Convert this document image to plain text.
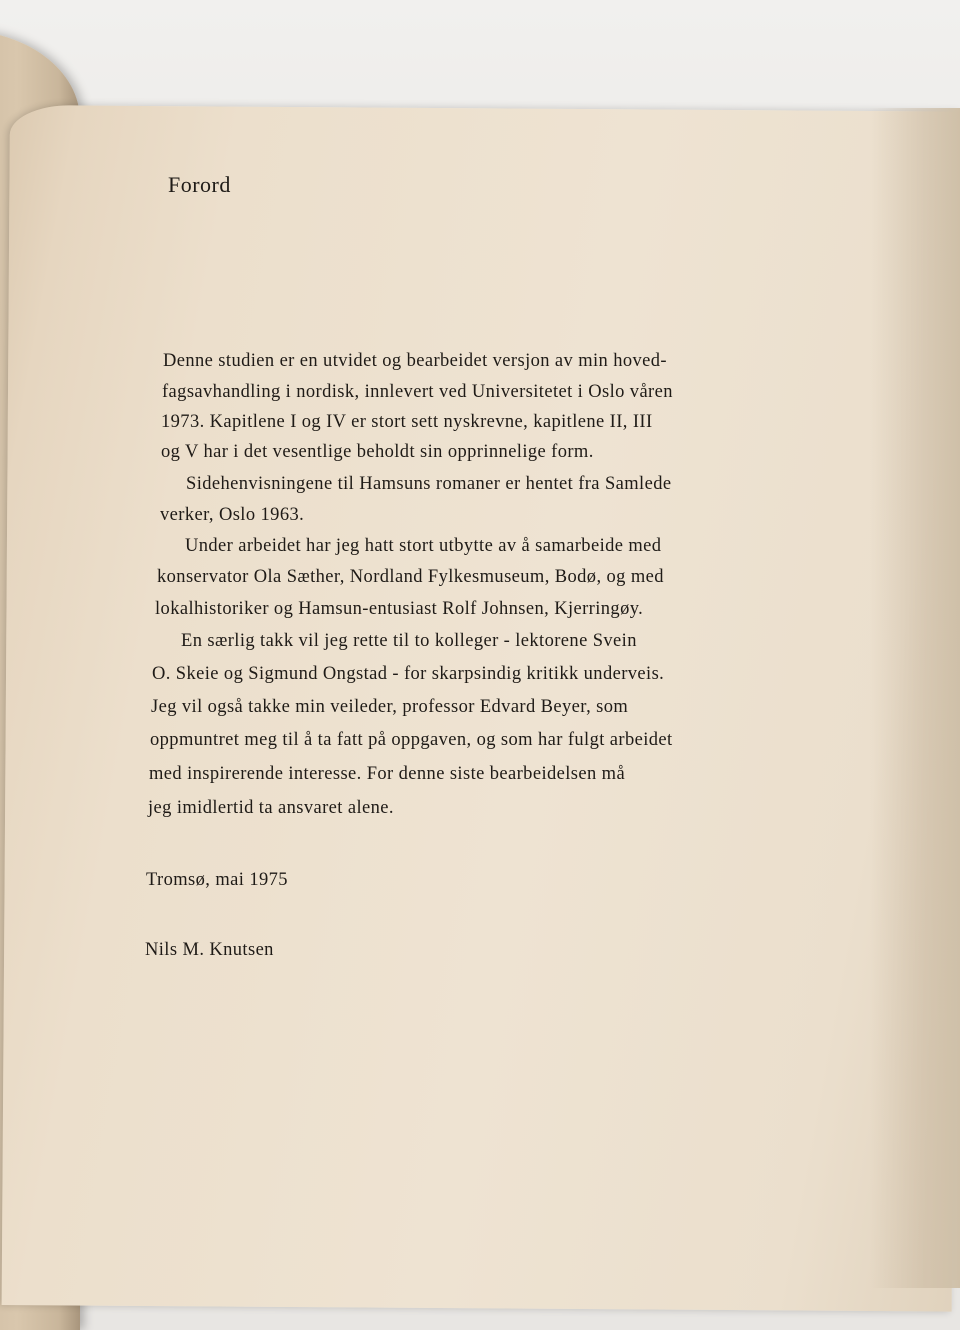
Forord

Denne studien er en utvidet og bearbeidet versjon av min hoved-

fagsavhandling i nordisk, innlevert ved Universitetet i Oslo våren

1973. Kapitlene I og IV er stort sett nyskrevne, kapitlene II, III

og V har i det vesentlige beholdt sin opprinnelige form.

Sidehenvisningene til Hamsuns romaner er hentet fra Samlede

verker, Oslo 1963.

Under arbeidet har jeg hatt stort utbytte av å samarbeide med

konservator Ola Sæther, Nordland Fylkesmuseum, Bodø, og med

lokalhistoriker og Hamsun-entusiast Rolf Johnsen, Kjerringøy.

En særlig takk vil jeg rette til to kolleger - lektorene Svein

O. Skeie og Sigmund Ongstad - for skarpsindig kritikk underveis.

Jeg vil også takke min veileder, professor Edvard Beyer, som

oppmuntret meg til å ta fatt på oppgaven, og som har fulgt arbeidet

med inspirerende interesse. For denne siste bearbeidelsen må

jeg imidlertid ta ansvaret alene.

Tromsø, mai 1975

Nils M. Knutsen
